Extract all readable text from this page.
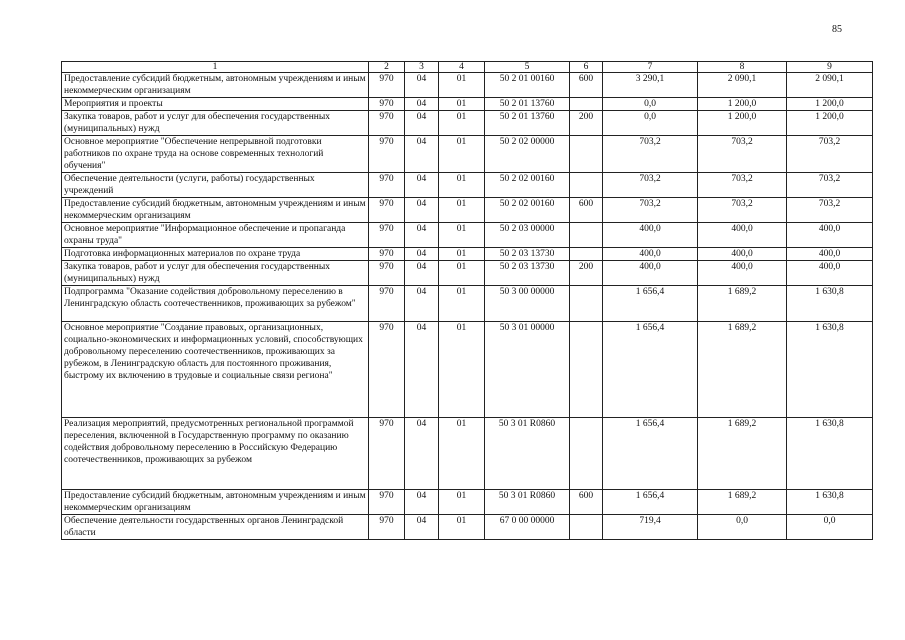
85
1	2	3	4	5	6	7	8	9
Предоставление субсидий бюджетным, автономным учреждениям и иным некоммерческим организациям	970	04	01	50 2 01 00160	600	3 290,1	2 090,1	2 090,1
Мероприятия и проекты	970	04	01	50 2 01 13760		0,0	1 200,0	1 200,0
Закупка товаров, работ и услуг для обеспечения государственных (муниципальных) нужд	970	04	01	50 2 01 13760	200	0,0	1 200,0	1 200,0
Основное мероприятие "Обеспечение непрерывной подготовки работников по охране труда на основе современных технологий обучения"	970	04	01	50 2 02 00000		703,2	703,2	703,2
Обеспечение деятельности (услуги, работы) государственных учреждений	970	04	01	50 2 02 00160		703,2	703,2	703,2
Предоставление субсидий бюджетным, автономным учреждениям и иным некоммерческим организациям	970	04	01	50 2 02 00160	600	703,2	703,2	703,2
Основное мероприятие "Информационное обеспечение и пропаганда охраны труда"	970	04	01	50 2 03 00000		400,0	400,0	400,0
Подготовка информационных материалов по охране труда	970	04	01	50 2 03 13730		400,0	400,0	400,0
Закупка товаров, работ и услуг для обеспечения государственных (муниципальных) нужд	970	04	01	50 2 03 13730	200	400,0	400,0	400,0
Подпрограмма "Оказание содействия добровольному переселению в Ленинградскую область соотечественников, проживающих за рубежом"	970	04	01	50 3 00 00000		1 656,4	1 689,2	1 630,8
Основное мероприятие "Создание правовых, организационных, социально-экономических и информационных условий, способствующих добровольному переселению соотечественников, проживающих за рубежом, в Ленинградскую область для постоянного проживания, быстрому их включению в трудовые и социальные связи региона"	970	04	01	50 3 01 00000		1 656,4	1 689,2	1 630,8
Реализация мероприятий, предусмотренных региональной программой переселения, включенной в Государственную программу по оказанию содействия добровольному переселению в Российскую Федерацию соотечественников, проживающих за рубежом	970	04	01	50 3 01 R0860		1 656,4	1 689,2	1 630,8
Предоставление субсидий бюджетным, автономным учреждениям и иным некоммерческим организациям	970	04	01	50 3 01 R0860	600	1 656,4	1 689,2	1 630,8
Обеспечение деятельности государственных органов Ленинградской области	970	04	01	67 0 00 00000		719,4	0,0	0,0
